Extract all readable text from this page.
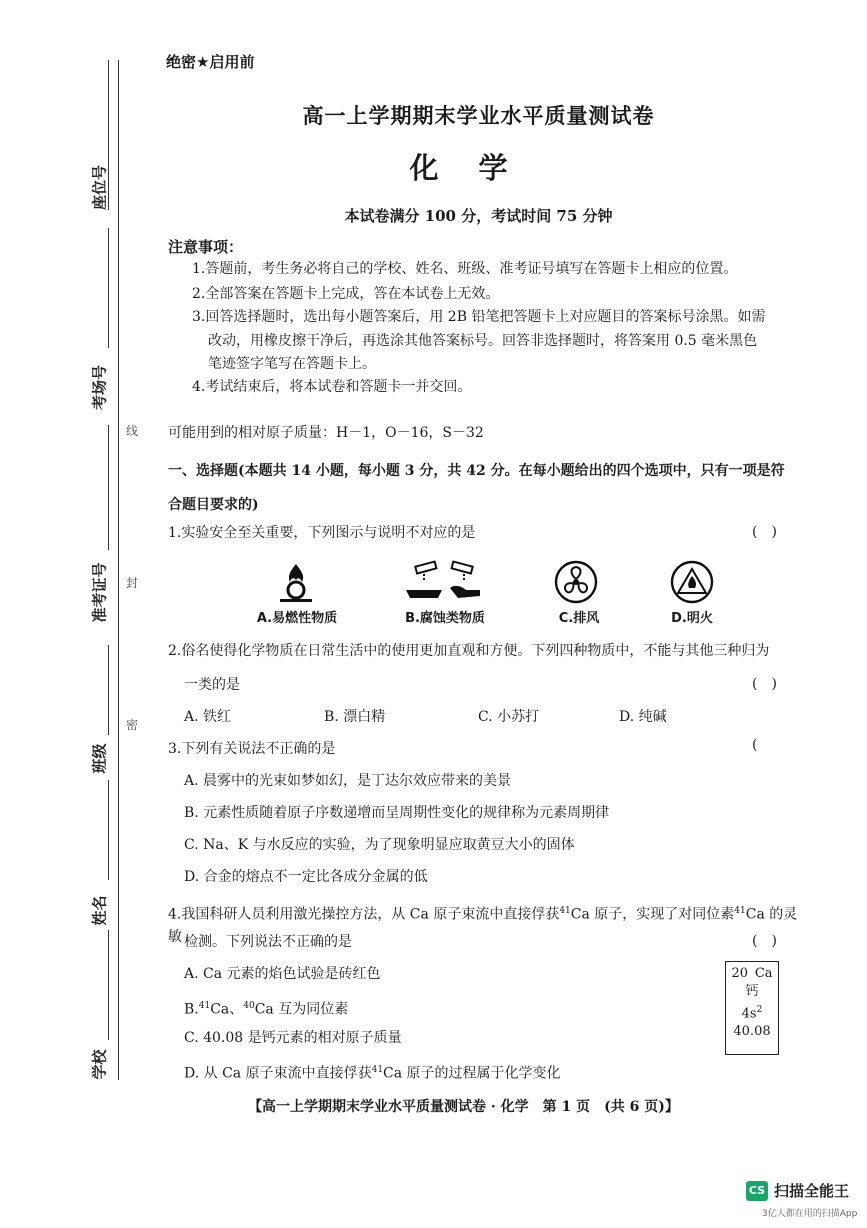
座位号
考场号
准考证号
班级
姓名
学校
线
封
密
绝密★启用前
高一上学期期末学业水平质量测试卷
化学
本试卷满分 100 分，考试时间 75 分钟
注意事项：
1.答题前，考生务必将自己的学校、姓名、班级、准考证号填写在答题卡上相应的位置。
2.全部答案在答题卡上完成，答在本试卷上无效。
3.回答选择题时，选出每小题答案后，用 2B 铅笔把答题卡上对应题目的答案标号涂黑。如需
改动，用橡皮擦干净后，再选涂其他答案标号。回答非选择题时，将答案用 0.5 毫米黑色
笔迹签字笔写在答题卡上。
4.考试结束后，将本试卷和答题卡一并交回。
可能用到的相对原子质量：H－1，O－16，S－32
一、选择题(本题共 14 小题，每小题 3 分，共 42 分。在每小题给出的四个选项中，只有一项是符合题目要求的)
1.实验安全至关重要，下列图示与说明不对应的是	(　)
A.易燃性物质	B.腐蚀类物质	C.排风	D.明火
2.俗名使得化学物质在日常生活中的使用更加直观和方便。下列四种物质中，不能与其他三种归为
一类的是	(　)
A. 铁红	B. 漂白精	C. 小苏打	D. 纯碱
3.下列有关说法不正确的是	(
A. 晨雾中的光束如梦如幻，是丁达尔效应带来的美景
B. 元素性质随着原子序数递增而呈周期性变化的规律称为元素周期律
C. Na、K 与水反应的实验，为了现象明显应取黄豆大小的固体
D. 合金的熔点不一定比各成分金属的低
4.我国科研人员利用激光操控方法，从 Ca 原子束流中直接俘获$^{41}$Ca 原子，实现了对同位素$^{41}$Ca 的灵敏 检测。下列说法不正确的是	(　)
A. Ca 元素的焰色试验是砖红色
B.$^{41}$Ca、$^{40}$Ca 互为同位素
C. 40.08 是钙元素的相对原子质量
D. 从 Ca 原子束流中直接俘获$^{41}$Ca 原子的过程属于化学变化
20 Ca
钙
$4s^2$
40.08
【高一上学期期末学业水平质量测试卷 · 化学　第 1 页　(共 6 页)】
CS 扫描全能王
3亿人都在用的扫描App
